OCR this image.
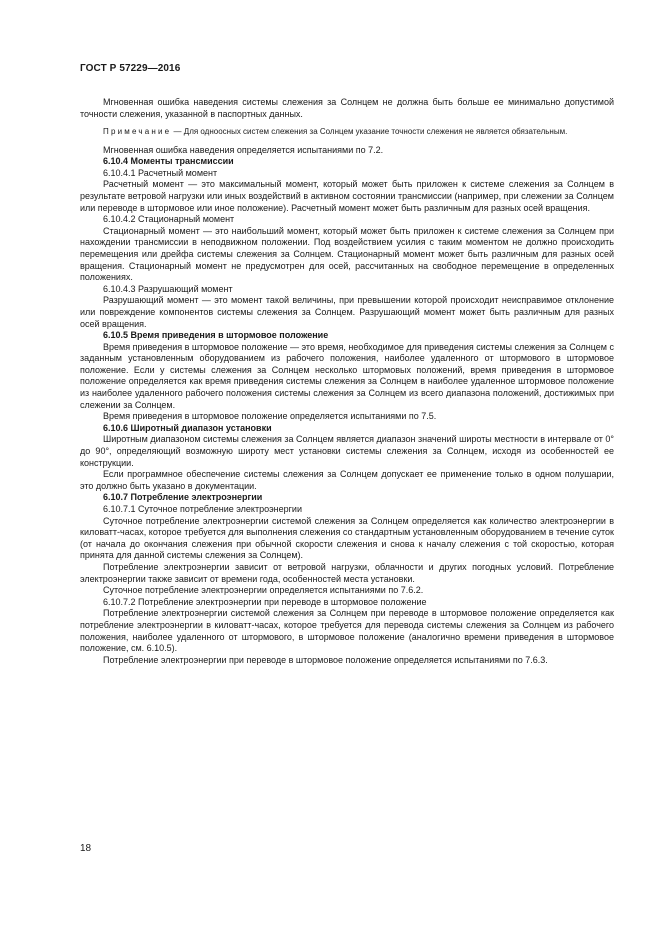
ГОСТ Р 57229—2016

Мгновенная ошибка наведения системы слежения за Солнцем не должна быть больше ее минимально допустимой точности слежения, указанной в паспортных данных.

Примечание — Для одноосных систем слежения за Солнцем указание точности слежения не является обязательным.

Мгновенная ошибка наведения определяется испытаниями по 7.2.

6.10.4 Моменты трансмиссии

6.10.4.1 Расчетный момент

Расчетный момент — это максимальный момент, который может быть приложен к системе слежения за Солнцем в результате ветровой нагрузки или иных воздействий в активном состоянии трансмиссии (например, при слежении за Солнцем или переводе в штормовое или иное положение). Расчетный момент может быть различным для разных осей вращения.

6.10.4.2 Стационарный момент

Стационарный момент — это наибольший момент, который может быть приложен к системе слежения за Солнцем при нахождении трансмиссии в неподвижном положении. Под воздействием усилия с таким моментом не должно происходить перемещения или дрейфа системы слежения за Солнцем. Стационарный момент может быть различным для разных осей вращения. Стационарный момент не предусмотрен для осей, рассчитанных на свободное перемещение в определенных положениях.

6.10.4.3 Разрушающий момент

Разрушающий момент — это момент такой величины, при превышении которой происходит неисправимое отклонение или повреждение компонентов системы слежения за Солнцем. Разрушающий момент может быть различным для разных осей вращения.

6.10.5 Время приведения в штормовое положение

Время приведения в штормовое положение — это время, необходимое для приведения системы слежения за Солнцем с заданным установленным оборудованием из рабочего положения, наиболее удаленного от штормового в штормовое положение. Если у системы слежения за Солнцем несколько штормовых положений, время приведения в штормовое положение определяется как время приведения системы слежения за Солнцем в наиболее удаленное штормовое положение из наиболее удаленного рабочего положения системы слежения за Солнцем из всего диапазона положений, достижимых при слежении за Солнцем.

Время приведения в штормовое положение определяется испытаниями по 7.5.

6.10.6 Широтный диапазон установки

Широтным диапазоном системы слежения за Солнцем является диапазон значений широты местности в интервале от 0° до 90°, определяющий возможную широту мест установки системы слежения за Солнцем, исходя из особенностей ее конструкции.

Если программное обеспечение системы слежения за Солнцем допускает ее применение только в одном полушарии, это должно быть указано в документации.

6.10.7 Потребление электроэнергии

6.10.7.1 Суточное потребление электроэнергии

Суточное потребление электроэнергии системой слежения за Солнцем определяется как количество электроэнергии в киловатт-часах, которое требуется для выполнения слежения со стандартным установленным оборудованием в течение суток (от начала до окончания слежения при обычной скорости слежения и снова к началу слежения с той скоростью, которая принята для данной системы слежения за Солнцем).

Потребление электроэнергии зависит от ветровой нагрузки, облачности и других погодных условий. Потребление электроэнергии также зависит от времени года, особенностей места установки.

Суточное потребление электроэнергии определяется испытаниями по 7.6.2.

6.10.7.2 Потребление электроэнергии при переводе в штормовое положение

Потребление электроэнергии системой слежения за Солнцем при переводе в штормовое положение определяется как потребление электроэнергии в киловатт-часах, которое требуется для перевода системы слежения за Солнцем из рабочего положения, наиболее удаленного от штормового, в штормовое положение (аналогично времени приведения в штормовое положение, см. 6.10.5).

Потребление электроэнергии при переводе в штормовое положение определяется испытаниями по 7.6.3.

18
